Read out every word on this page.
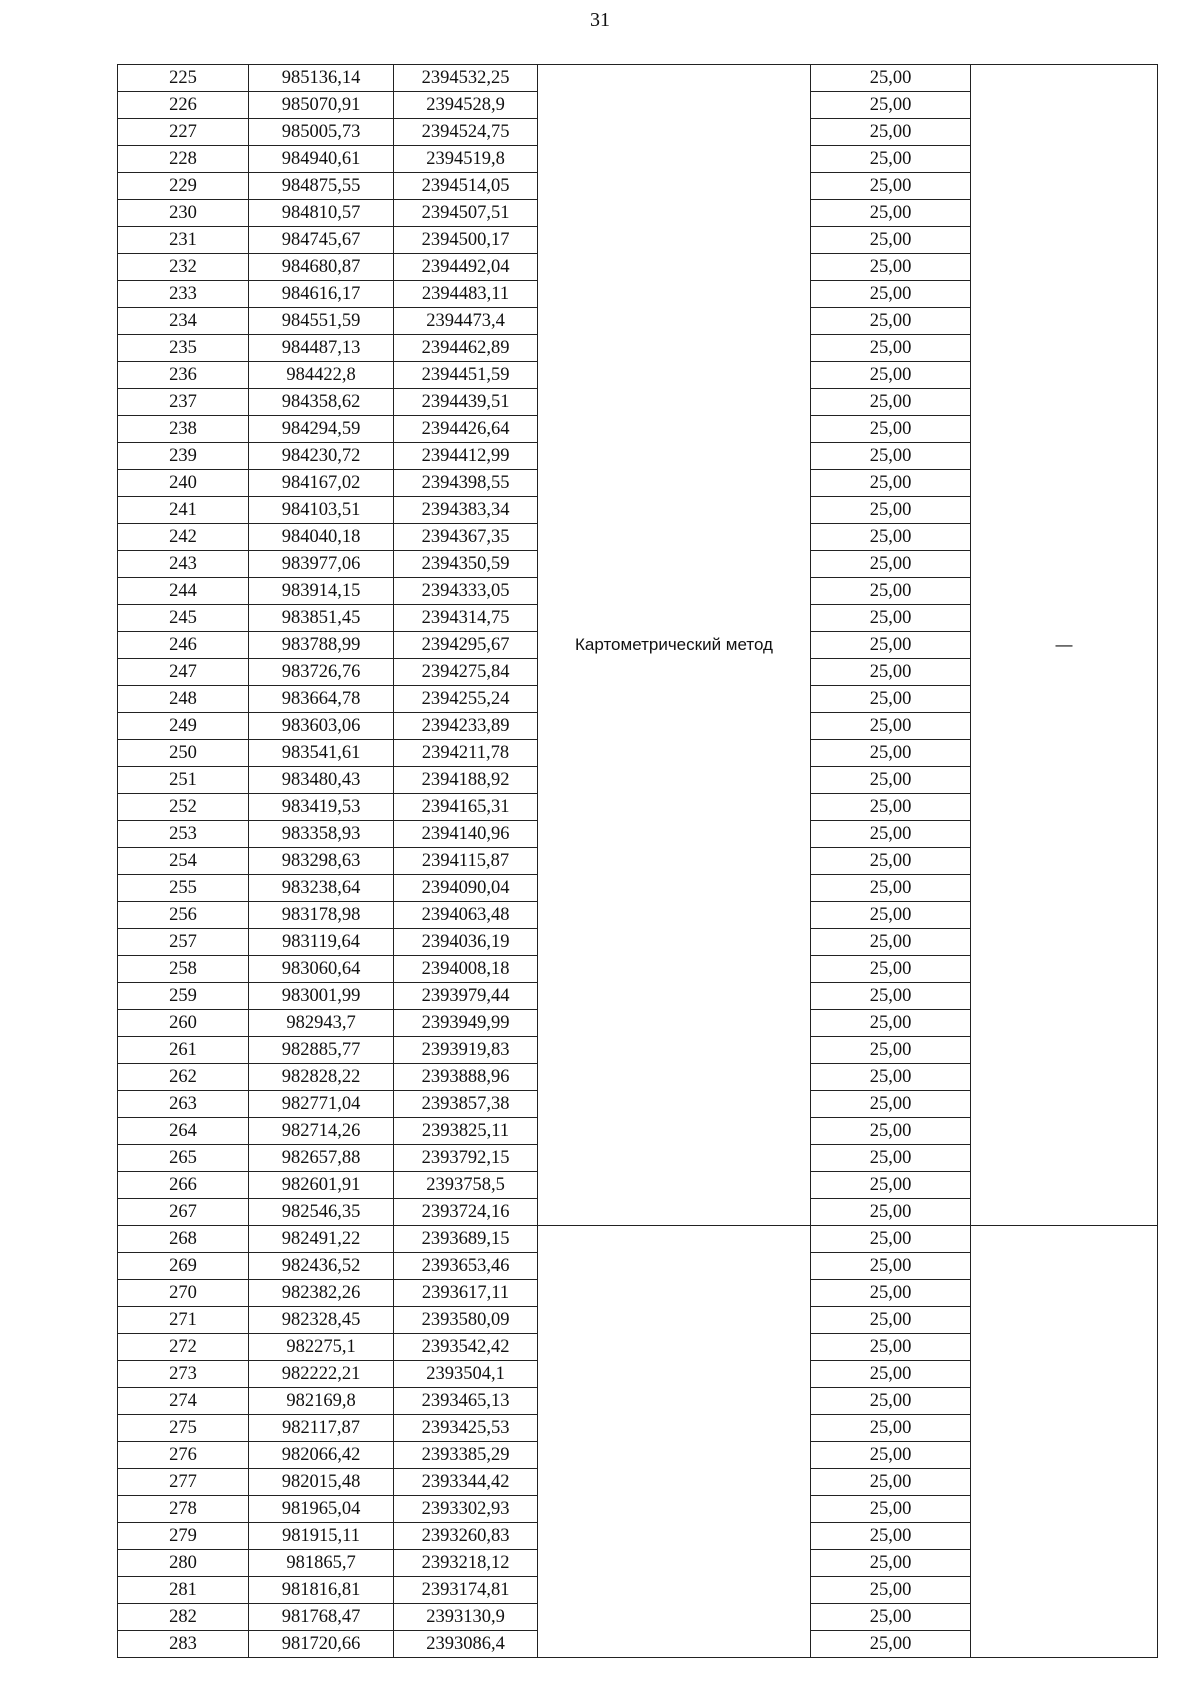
31
225	985136,14	2394532,25	Картометрический метод	25,00	—
226	985070,91	2394528,9		25,00	
227	985005,73	2394524,75		25,00	
228	984940,61	2394519,8		25,00	
229	984875,55	2394514,05		25,00	
230	984810,57	2394507,51		25,00	
231	984745,67	2394500,17		25,00	
232	984680,87	2394492,04		25,00	
233	984616,17	2394483,11		25,00	
234	984551,59	2394473,4		25,00	
235	984487,13	2394462,89		25,00	
236	984422,8	2394451,59		25,00	
237	984358,62	2394439,51		25,00	
238	984294,59	2394426,64		25,00	
239	984230,72	2394412,99		25,00	
240	984167,02	2394398,55		25,00	
241	984103,51	2394383,34		25,00	
242	984040,18	2394367,35		25,00	
243	983977,06	2394350,59		25,00	
244	983914,15	2394333,05		25,00	
245	983851,45	2394314,75		25,00	
246	983788,99	2394295,67		25,00	
247	983726,76	2394275,84		25,00	
248	983664,78	2394255,24		25,00	
249	983603,06	2394233,89		25,00	
250	983541,61	2394211,78		25,00	
251	983480,43	2394188,92		25,00	
252	983419,53	2394165,31		25,00	
253	983358,93	2394140,96		25,00	
254	983298,63	2394115,87		25,00	
255	983238,64	2394090,04		25,00	
256	983178,98	2394063,48		25,00	
257	983119,64	2394036,19		25,00	
258	983060,64	2394008,18		25,00	
259	983001,99	2393979,44		25,00	
260	982943,7	2393949,99		25,00	
261	982885,77	2393919,83		25,00	
262	982828,22	2393888,96		25,00	
263	982771,04	2393857,38		25,00	
264	982714,26	2393825,11		25,00	
265	982657,88	2393792,15		25,00	
266	982601,91	2393758,5		25,00	
267	982546,35	2393724,16		25,00	
268	982491,22	2393689,15		25,00	
269	982436,52	2393653,46		25,00	
270	982382,26	2393617,11		25,00	
271	982328,45	2393580,09		25,00	
272	982275,1	2393542,42		25,00	
273	982222,21	2393504,1		25,00	
274	982169,8	2393465,13		25,00	
275	982117,87	2393425,53		25,00	
276	982066,42	2393385,29		25,00	
277	982015,48	2393344,42		25,00	
278	981965,04	2393302,93		25,00	
279	981915,11	2393260,83		25,00	
280	981865,7	2393218,12		25,00	
281	981816,81	2393174,81		25,00	
282	981768,47	2393130,9		25,00	
283	981720,66	2393086,4		25,00	
